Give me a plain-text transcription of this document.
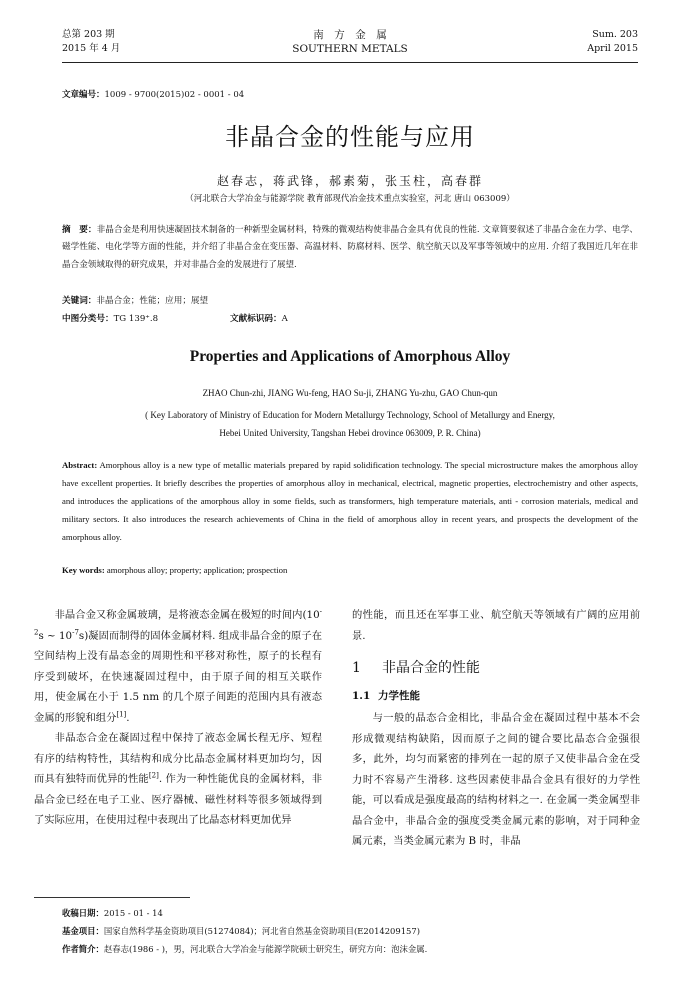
总第 203 期
2015 年 4 月
南　方　金　属
SOUTHERN METALS
Sum. 203
April 2015
文章编号：1009 - 9700(2015)02 - 0001 - 04
非晶合金的性能与应用
赵春志，蒋武锋，郝素菊，张玉柱，高春群
（河北联合大学冶金与能源学院 教育部现代冶金技术重点实验室，河北 唐山 063009）
摘　要：非晶合金是利用快速凝固技术制备的一种新型金属材料，特殊的微观结构使非晶合金具有优良的性能. 文章简要叙述了非晶合金在力学、电学、磁学性能、电化学等方面的性能，并介绍了非晶合金在变压器、高温材料、防腐材料、医学、航空航天以及军事等领域中的应用. 介绍了我国近几年在非晶合金领域取得的研究成果，并对非晶合金的发展进行了展望.
关键词：非晶合金；性能；应用；展望
中图分类号：TG 139⁺.8	文献标识码：A
Properties and Applications of Amorphous Alloy
ZHAO Chun-zhi, JIANG Wu-feng, HAO Su-ji, ZHANG Yu-zhu, GAO Chun-qun
( Key Laboratory of Ministry of Education for Modern Metallurgy Technology, School of Metallurgy and Energy,
Hebei United University, Tangshan Hebei drovince 063009, P. R. China)
Abstract: Amorphous alloy is a new type of metallic materials prepared by rapid solidification technology. The special microstructure makes the amorphous alloy have excellent properties. It briefly describes the properties of amorphous alloy in mechanical, electrical, magnetic properties, electrochemistry and other aspects, and introduces the applications of the amorphous alloy in some fields, such as transformers, high temperature materials, anti - corrosion materials, medical and military sectors. It also introduces the research achievements of China in the field of amorphous alloy in recent years, and prospects the development of the amorphous alloy.
Key words: amorphous alloy; property; application; prospection

非晶合金又称金属玻璃，是将液态金属在极短的时间内($10^{-2}s$ ~ $10^{-7}s$)凝固而制得的固体金属材料. 组成非晶合金的原子在空间结构上没有晶态金的周期性和平移对称性，原子的长程有序受到破坏，在快速凝固过程中，由于原子间的相互关联作用，使金属在小于 1.5 nm 的几个原子间距的范围内具有液态金属的形貌和组分[1].

非晶态合金在凝固过程中保持了液态金属长程无序、短程有序的结构特性，其结构和成分比晶态金属材料更加均匀，因而具有独特而优异的性能[2]. 作为一种性能优良的金属材料，非晶合金已经在电子工业、医疗器械、磁性材料等很多领域得到了实际应用，在使用过程中表现出了比晶态材料更加优异

的性能，而且还在军事工业、航空航天等领域有广阔的应用前景.

1 非晶合金的性能
1.1 力学性能

与一般的晶态合金相比，非晶合金在凝固过程中基本不会形成微观结构缺陷，因而原子之间的键合要比晶态合金强很多，此外，均匀而紧密的排列在一起的原子又使非晶合金在受力时不容易产生滑移. 这些因素使非晶合金具有很好的力学性能，可以看成是强度最高的结构材料之一. 在金属一类金属型非晶合金中，非晶合金的强度受类金属元素的影响，对于同种金属元素，当类金属元素为 B 时，非晶

收稿日期：2015 - 01 - 14
基金项目：国家自然科学基金资助项目(51274084)；河北省自然基金资助项目(E2014209157)
作者简介：赵春志(1986 - )，男，河北联合大学冶金与能源学院硕士研究生，研究方向：泡沫金属.
